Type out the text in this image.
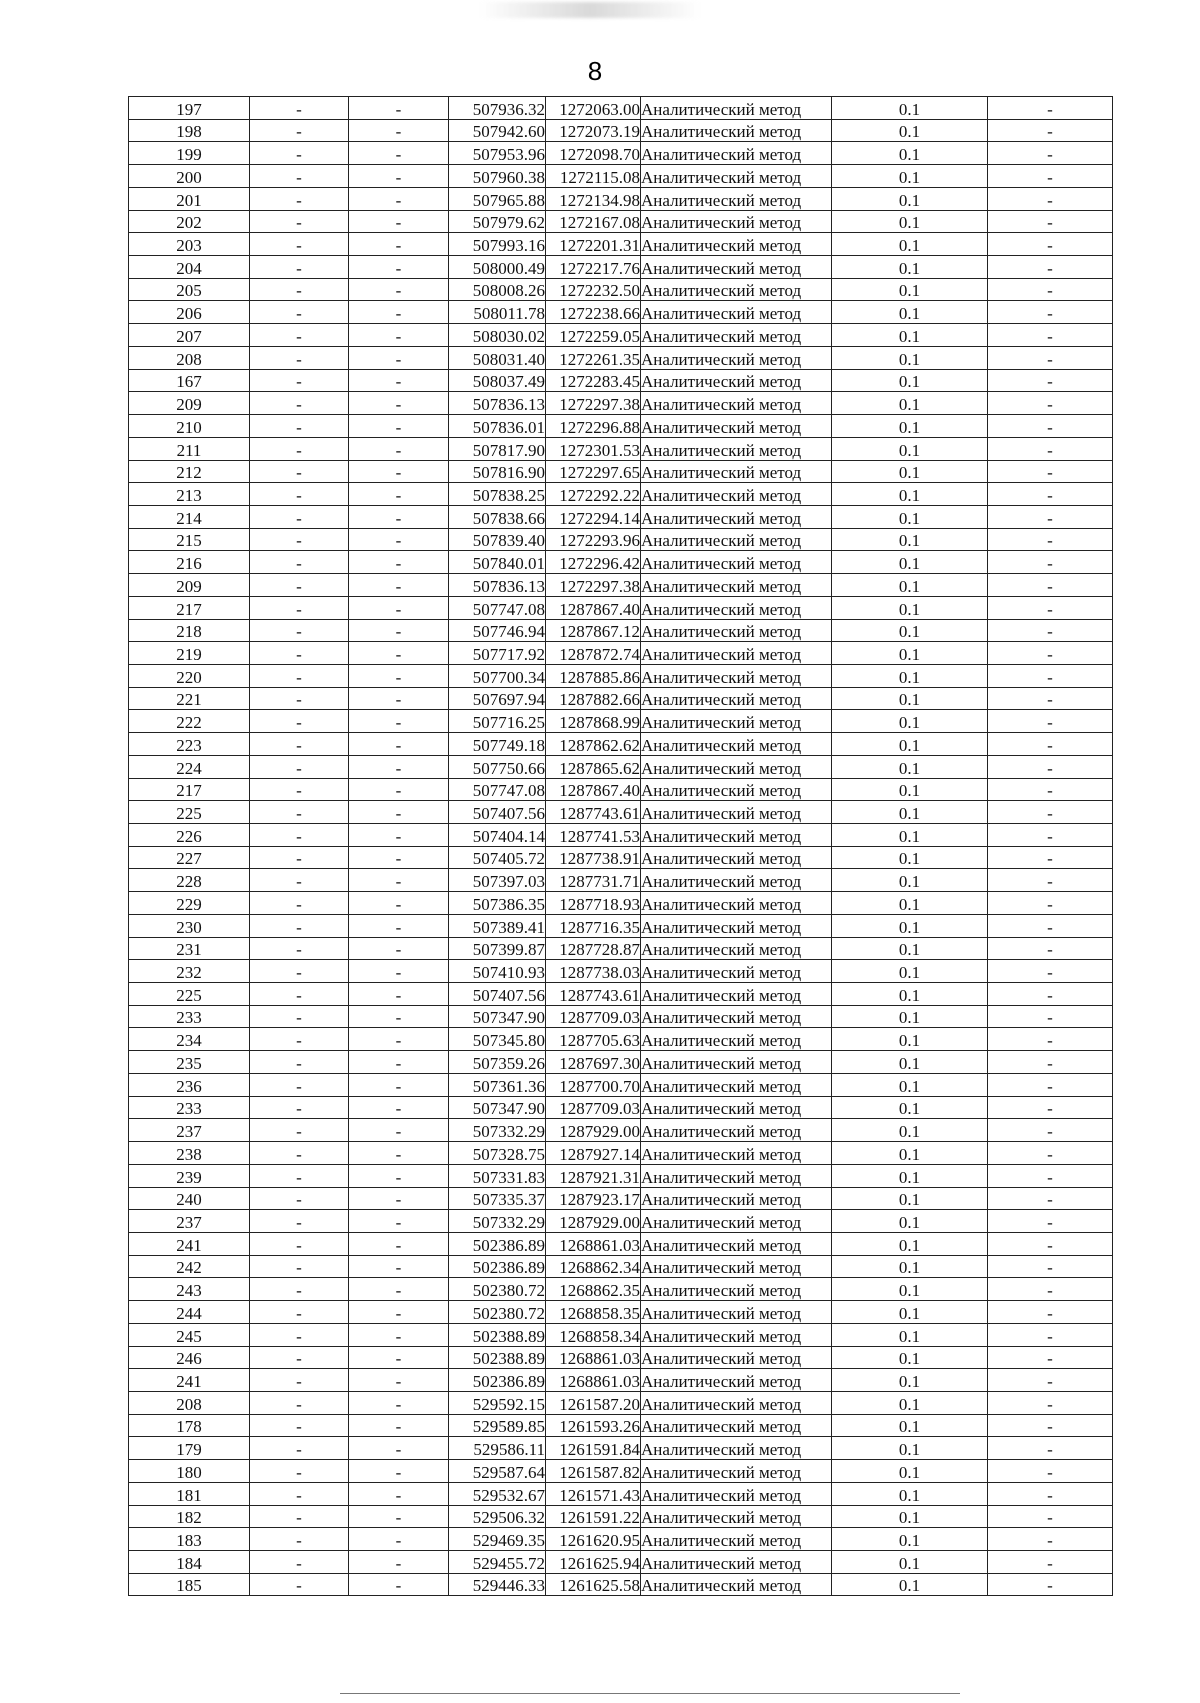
8
197	-	-	507936.32	1272063.00	Аналитический метод	0.1	-
198	-	-	507942.60	1272073.19	Аналитический метод	0.1	-
199	-	-	507953.96	1272098.70	Аналитический метод	0.1	-
200	-	-	507960.38	1272115.08	Аналитический метод	0.1	-
201	-	-	507965.88	1272134.98	Аналитический метод	0.1	-
202	-	-	507979.62	1272167.08	Аналитический метод	0.1	-
203	-	-	507993.16	1272201.31	Аналитический метод	0.1	-
204	-	-	508000.49	1272217.76	Аналитический метод	0.1	-
205	-	-	508008.26	1272232.50	Аналитический метод	0.1	-
206	-	-	508011.78	1272238.66	Аналитический метод	0.1	-
207	-	-	508030.02	1272259.05	Аналитический метод	0.1	-
208	-	-	508031.40	1272261.35	Аналитический метод	0.1	-
167	-	-	508037.49	1272283.45	Аналитический метод	0.1	-
209	-	-	507836.13	1272297.38	Аналитический метод	0.1	-
210	-	-	507836.01	1272296.88	Аналитический метод	0.1	-
211	-	-	507817.90	1272301.53	Аналитический метод	0.1	-
212	-	-	507816.90	1272297.65	Аналитический метод	0.1	-
213	-	-	507838.25	1272292.22	Аналитический метод	0.1	-
214	-	-	507838.66	1272294.14	Аналитический метод	0.1	-
215	-	-	507839.40	1272293.96	Аналитический метод	0.1	-
216	-	-	507840.01	1272296.42	Аналитический метод	0.1	-
209	-	-	507836.13	1272297.38	Аналитический метод	0.1	-
217	-	-	507747.08	1287867.40	Аналитический метод	0.1	-
218	-	-	507746.94	1287867.12	Аналитический метод	0.1	-
219	-	-	507717.92	1287872.74	Аналитический метод	0.1	-
220	-	-	507700.34	1287885.86	Аналитический метод	0.1	-
221	-	-	507697.94	1287882.66	Аналитический метод	0.1	-
222	-	-	507716.25	1287868.99	Аналитический метод	0.1	-
223	-	-	507749.18	1287862.62	Аналитический метод	0.1	-
224	-	-	507750.66	1287865.62	Аналитический метод	0.1	-
217	-	-	507747.08	1287867.40	Аналитический метод	0.1	-
225	-	-	507407.56	1287743.61	Аналитический метод	0.1	-
226	-	-	507404.14	1287741.53	Аналитический метод	0.1	-
227	-	-	507405.72	1287738.91	Аналитический метод	0.1	-
228	-	-	507397.03	1287731.71	Аналитический метод	0.1	-
229	-	-	507386.35	1287718.93	Аналитический метод	0.1	-
230	-	-	507389.41	1287716.35	Аналитический метод	0.1	-
231	-	-	507399.87	1287728.87	Аналитический метод	0.1	-
232	-	-	507410.93	1287738.03	Аналитический метод	0.1	-
225	-	-	507407.56	1287743.61	Аналитический метод	0.1	-
233	-	-	507347.90	1287709.03	Аналитический метод	0.1	-
234	-	-	507345.80	1287705.63	Аналитический метод	0.1	-
235	-	-	507359.26	1287697.30	Аналитический метод	0.1	-
236	-	-	507361.36	1287700.70	Аналитический метод	0.1	-
233	-	-	507347.90	1287709.03	Аналитический метод	0.1	-
237	-	-	507332.29	1287929.00	Аналитический метод	0.1	-
238	-	-	507328.75	1287927.14	Аналитический метод	0.1	-
239	-	-	507331.83	1287921.31	Аналитический метод	0.1	-
240	-	-	507335.37	1287923.17	Аналитический метод	0.1	-
237	-	-	507332.29	1287929.00	Аналитический метод	0.1	-
241	-	-	502386.89	1268861.03	Аналитический метод	0.1	-
242	-	-	502386.89	1268862.34	Аналитический метод	0.1	-
243	-	-	502380.72	1268862.35	Аналитический метод	0.1	-
244	-	-	502380.72	1268858.35	Аналитический метод	0.1	-
245	-	-	502388.89	1268858.34	Аналитический метод	0.1	-
246	-	-	502388.89	1268861.03	Аналитический метод	0.1	-
241	-	-	502386.89	1268861.03	Аналитический метод	0.1	-
208	-	-	529592.15	1261587.20	Аналитический метод	0.1	-
178	-	-	529589.85	1261593.26	Аналитический метод	0.1	-
179	-	-	529586.11	1261591.84	Аналитический метод	0.1	-
180	-	-	529587.64	1261587.82	Аналитический метод	0.1	-
181	-	-	529532.67	1261571.43	Аналитический метод	0.1	-
182	-	-	529506.32	1261591.22	Аналитический метод	0.1	-
183	-	-	529469.35	1261620.95	Аналитический метод	0.1	-
184	-	-	529455.72	1261625.94	Аналитический метод	0.1	-
185	-	-	529446.33	1261625.58	Аналитический метод	0.1	-
